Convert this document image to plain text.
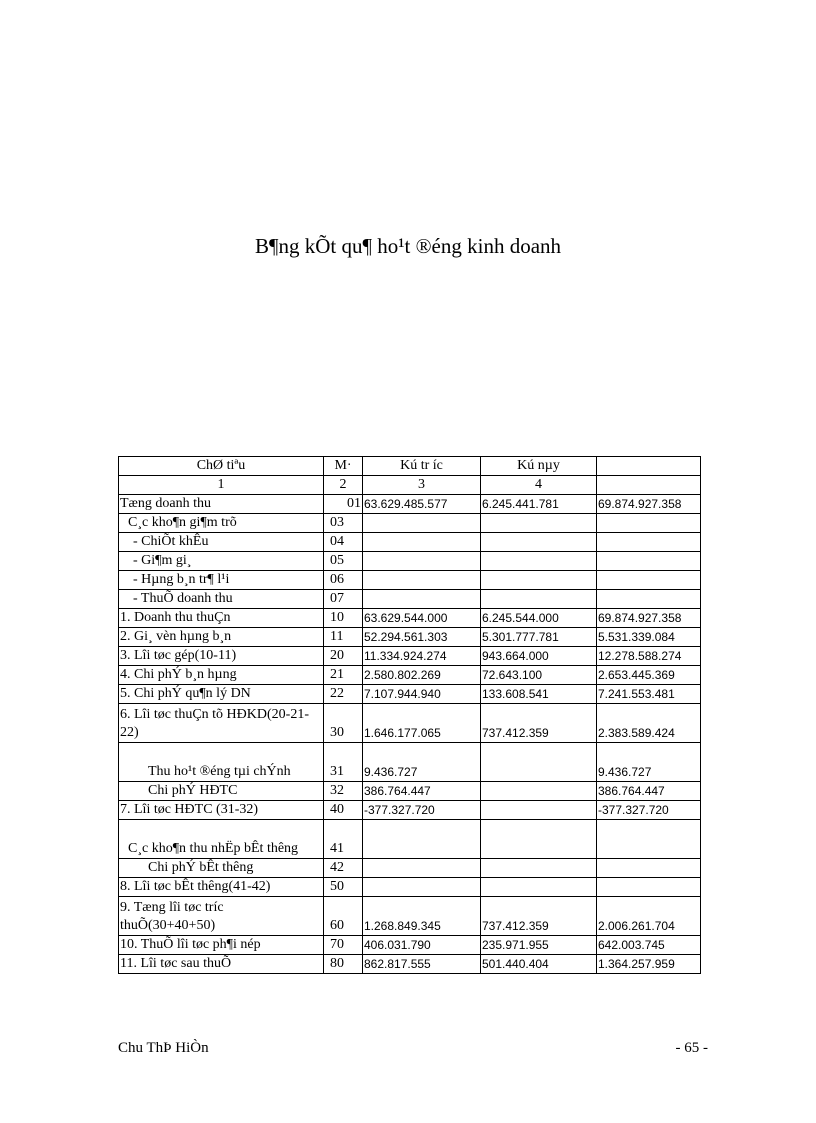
B¶ng kÕt qu¶ ho¹t ®éng kinh doanh
ChØ tiªu	M·	Kú tr íc	Kú nµy	
1	2	3	4	
Tæng doanh thu	01	63.629.485.577	6.245.441.781	69.874.927.358
C¸c kho¶n gi¶m trõ	03			
- ChiÕt khÊu	04			
- Gi¶m gi¸	05			
- Hµng b¸n tr¶ l¹i	06			
- ThuÕ doanh thu	07			
1. Doanh thu thuÇn	10	63.629.544.000	6.245.544.000	69.874.927.358
2. Gi¸ vèn hµng b¸n	11	52.294.561.303	5.301.777.781	5.531.339.084
3. Lîi tøc gép(10-11)	20	11.334.924.274	943.664.000	12.278.588.274
4. Chi phÝ b¸n hµng	21	2.580.802.269	72.643.100	2.653.445.369
5. Chi phÝ qu¶n lý DN	22	7.107.944.940	133.608.541	7.241.553.481
6. Lîi tøc thuÇn tõ HĐKD(20-21-22)	30	1.646.177.065	737.412.359	2.383.589.424
Thu ho¹t ®éng tµi chÝnh	31	9.436.727		9.436.727
Chi phÝ HĐTC	32	386.764.447		386.764.447
7. Lîi tøc HĐTC (31-32)	40	-377.327.720		-377.327.720
C¸c kho¶n thu nhËp bÊt thêng	41			
Chi phÝ bÊt thêng	42			
8. Lîi tøc bÊt thêng(41-42)	50			
9. Tæng lîi tøc tríc thuÕ(30+40+50)	60	1.268.849.345	737.412.359	2.006.261.704
10. ThuÕ lîi tøc ph¶i nép	70	406.031.790	235.971.955	642.003.745
11. Lîi tøc sau thuÕ	80	862.817.555	501.440.404	1.364.257.959
Chu ThÞ HiÒn	- 65 -
